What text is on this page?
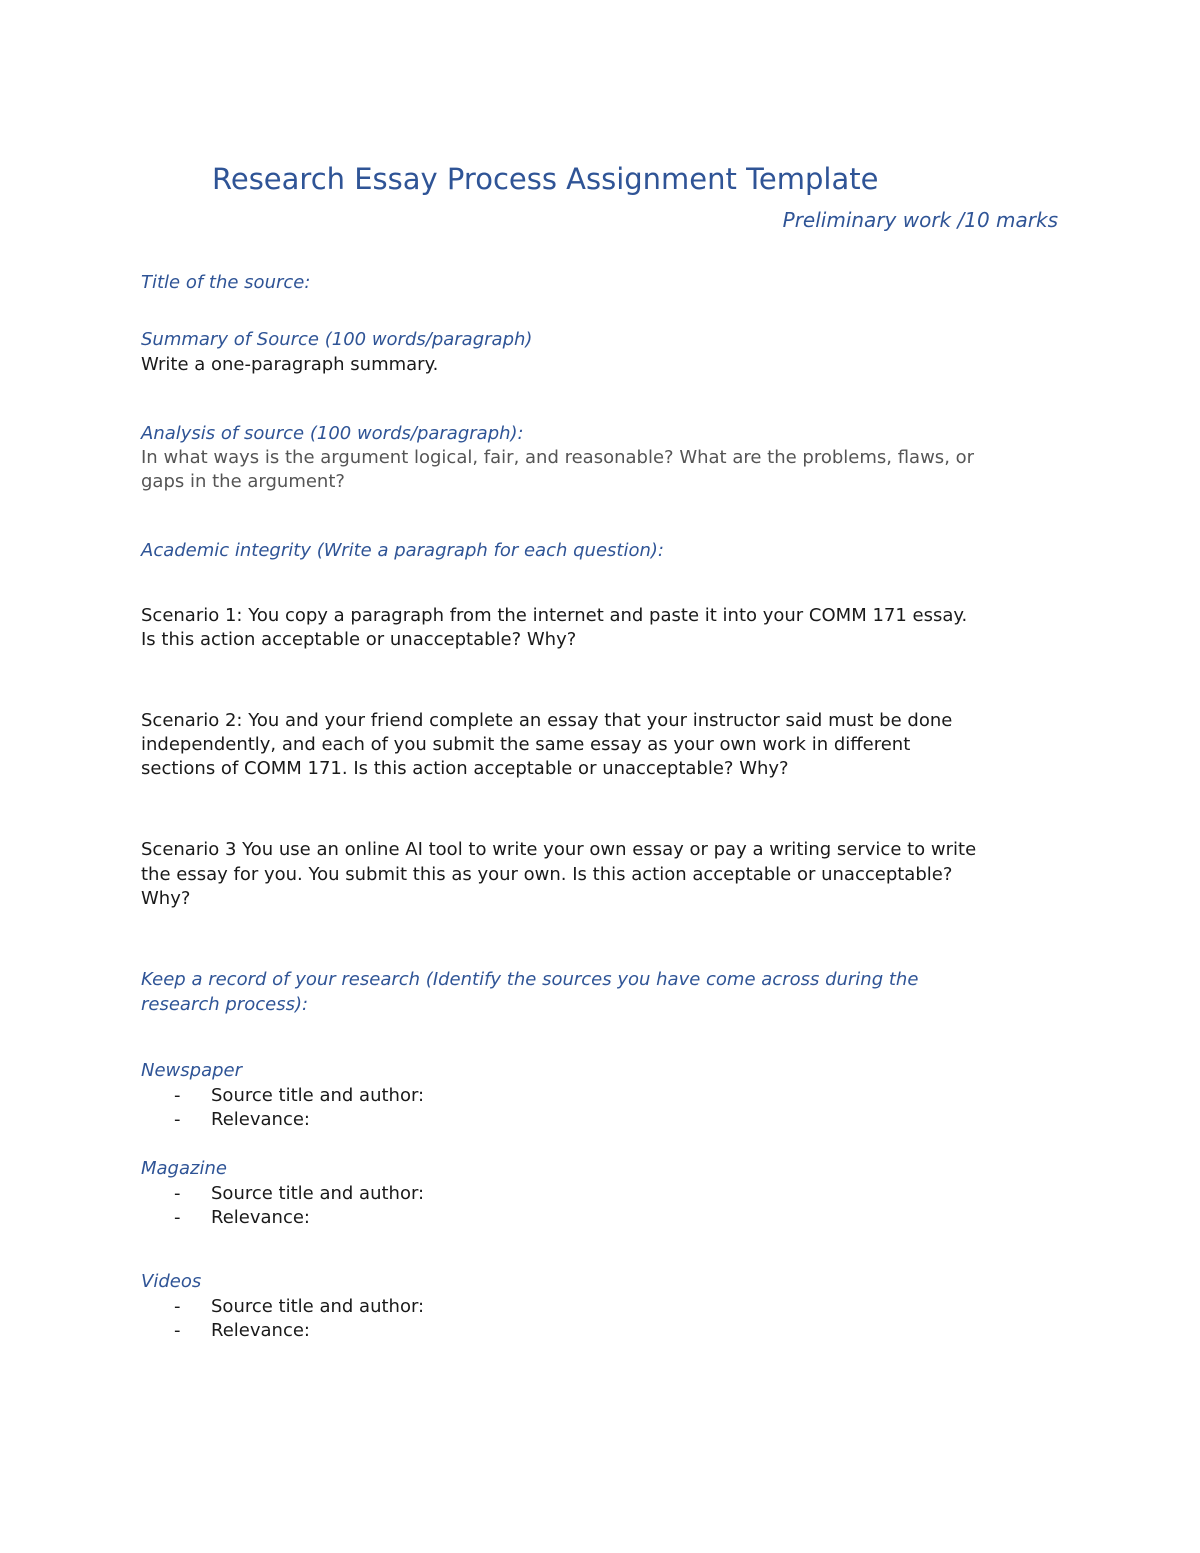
Research Essay Process Assignment Template
Preliminary work /10 marks
Title of the source:
Summary of Source (100 words/paragraph)
Write a one-paragraph summary.
Analysis of source (100 words/paragraph):
In what ways is the argument logical, fair, and reasonable? What are the problems, flaws, or
gaps in the argument?
Academic integrity (Write a paragraph for each question):
Scenario 1: You copy a paragraph from the internet and paste it into your COMM 171 essay.
Is this action acceptable or unacceptable? Why?
Scenario 2: You and your friend complete an essay that your instructor said must be done
independently, and each of you submit the same essay as your own work in different
sections of COMM 171. Is this action acceptable or unacceptable? Why?
Scenario 3 You use an online AI tool to write your own essay or pay a writing service to write
the essay for you. You submit this as your own. Is this action acceptable or unacceptable?
Why?
Keep a record of your research (Identify the sources you have come across during the
research process):
Newspaper
- Source title and author:
- Relevance:
Magazine
- Source title and author:
- Relevance:
Videos
- Source title and author:
- Relevance:
